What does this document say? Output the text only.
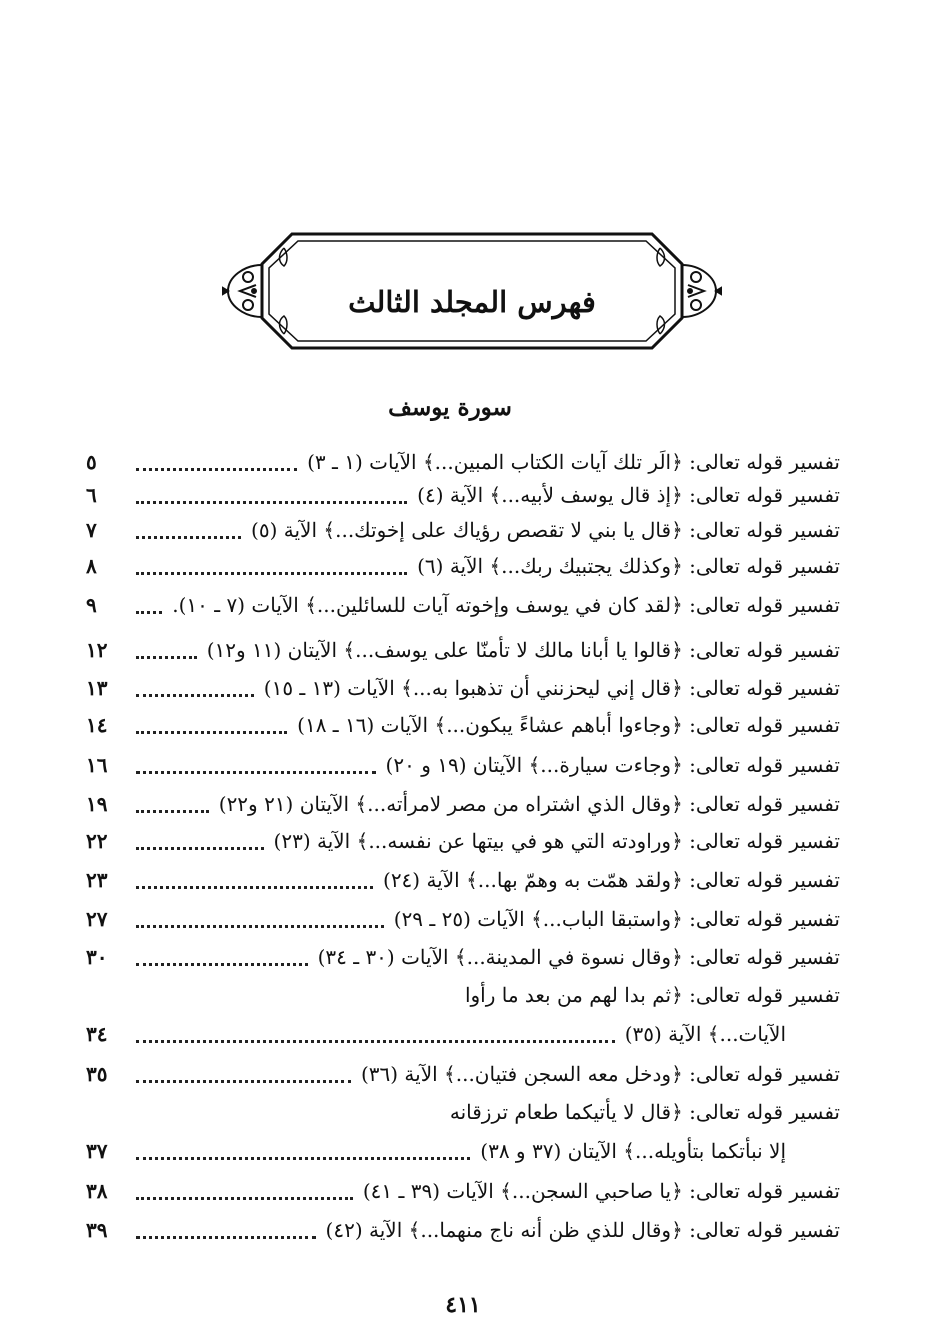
فهرس المجلد الثالث
سورة يوسف
تفسير قوله تعالى: ﴿الَر تلك آيات الكتاب المبين...﴾ الآيات (١ ـ ٣)
٥
تفسير قوله تعالى: ﴿إذ قال يوسف لأبيه...﴾ الآية (٤)
٦
تفسير قوله تعالى: ﴿قال يا بني لا تقصص رؤياك على إخوتك...﴾ الآية (٥)
٧
تفسير قوله تعالى: ﴿وكذلك يجتبيك ربك...﴾ الآية (٦)
٨
تفسير قوله تعالى: ﴿لقد كان في يوسف وإخوته آيات للسائلين...﴾ الآيات (٧ ـ ١٠).
٩
تفسير قوله تعالى: ﴿قالوا يا أبانا مالك لا تأمنّا على يوسف...﴾ الآيتان (١١ و١٢)
١٢
تفسير قوله تعالى: ﴿قال إني ليحزنني أن تذهبوا به...﴾ الآيات (١٣ ـ ١٥)
١٣
تفسير قوله تعالى: ﴿وجاءوا أباهم عشاءً يبكون...﴾ الآيات (١٦ ـ ١٨)
١٤
تفسير قوله تعالى: ﴿وجاءت سيارة...﴾ الآيتان (١٩ و ٢٠)
١٦
تفسير قوله تعالى: ﴿وقال الذي اشتراه من مصر لامرأته...﴾ الآيتان (٢١ و٢٢)
١٩
تفسير قوله تعالى: ﴿وراودته التي هو في بيتها عن نفسه...﴾ الآية (٢٣)
٢٢
تفسير قوله تعالى: ﴿ولقد همّت به وهمّ بها...﴾ الآية (٢٤)
٢٣
تفسير قوله تعالى: ﴿واستبقا الباب...﴾ الآيات (٢٥ ـ ٢٩)
٢٧
تفسير قوله تعالى: ﴿وقال نسوة في المدينة...﴾ الآيات (٣٠ ـ ٣٤)
٣٠
تفسير قوله تعالى: ﴿ثم بدا لهم من بعد ما رأوا
الآيات...﴾ الآية (٣٥)
٣٤
تفسير قوله تعالى: ﴿ودخل معه السجن فتيان...﴾ الآية (٣٦)
٣٥
تفسير قوله تعالى: ﴿قال لا يأتيكما طعام ترزقانه
إلا نبأتكما بتأويله...﴾ الآيتان (٣٧ و ٣٨)
٣٧
تفسير قوله تعالى: ﴿يا صاحبي السجن...﴾ الآيات (٣٩ ـ ٤١)
٣٨
تفسير قوله تعالى: ﴿وقال للذي ظن أنه ناج منهما...﴾ الآية (٤٢)
٣٩
٤١١
